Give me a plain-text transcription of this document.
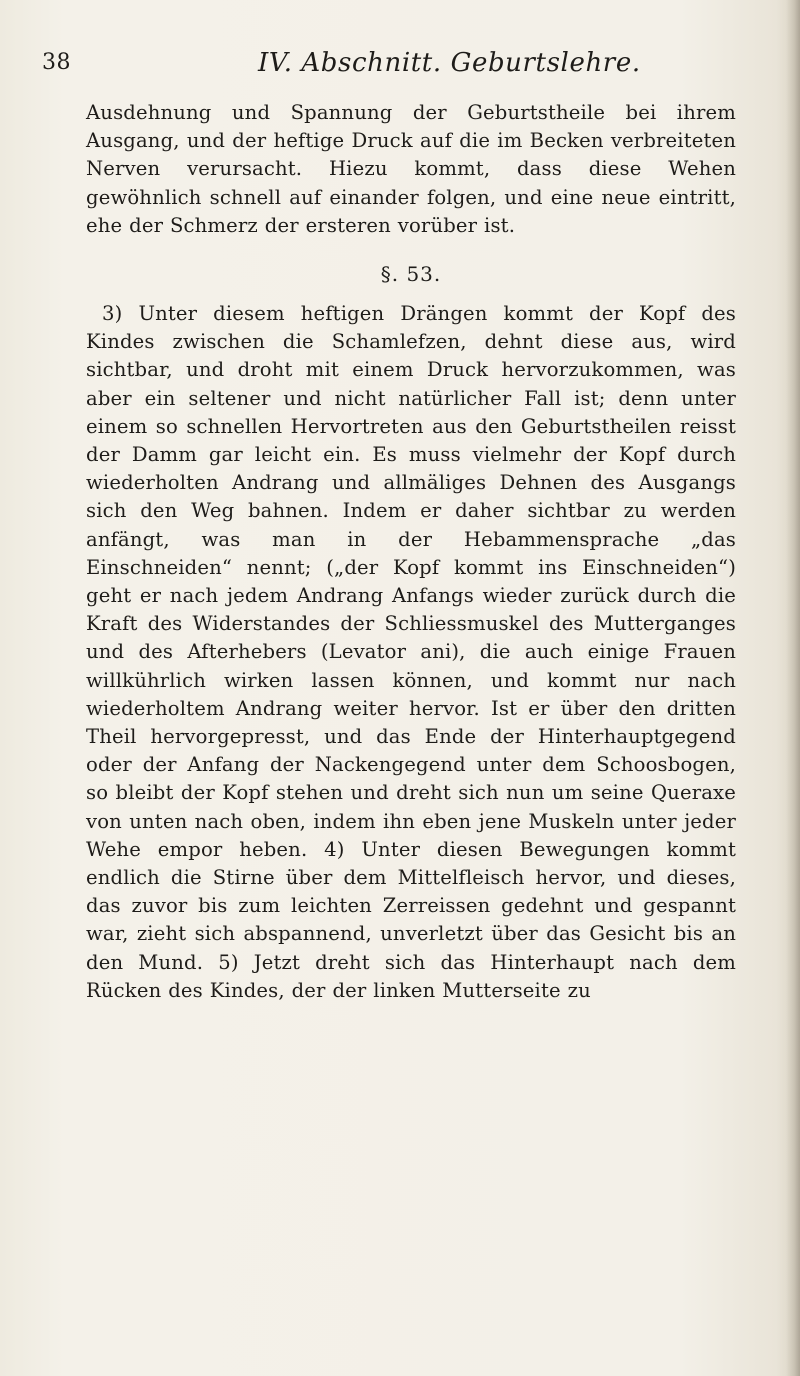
38	IV. Abschnitt. Geburtslehre.

Ausdehnung und Spannung der Geburtstheile bei ihrem Ausgang, und der heftige Druck auf die im Becken verbreiteten Nerven verursacht. Hiezu kommt, dass diese Wehen gewöhnlich schnell auf einander folgen, und eine neue eintritt, ehe der Schmerz der ersteren vorüber ist.

§. 53.

3) Unter diesem heftigen Drängen kommt der Kopf des Kindes zwischen die Schamlefzen, dehnt diese aus, wird sichtbar, und droht mit einem Druck hervorzukommen, was aber ein seltener und nicht natürlicher Fall ist; denn unter einem so schnellen Hervortreten aus den Geburtstheilen reisst der Damm gar leicht ein. Es muss vielmehr der Kopf durch wiederholten Andrang und allmäliges Dehnen des Ausgangs sich den Weg bahnen. Indem er daher sichtbar zu werden anfängt, was man in der Hebammensprache „das Einschneiden“ nennt; („der Kopf kommt ins Einschneiden“) geht er nach jedem Andrang Anfangs wieder zurück durch die Kraft des Widerstandes der Schliessmuskel des Mutterganges und des Afterhebers (Levator ani), die auch einige Frauen willkührlich wirken lassen können, und kommt nur nach wiederholtem Andrang weiter hervor. Ist er über den dritten Theil hervorgepresst, und das Ende der Hinterhauptgegend oder der Anfang der Nackengegend unter dem Schoosbogen, so bleibt der Kopf stehen und dreht sich nun um seine Queraxe von unten nach oben, indem ihn eben jene Muskeln unter jeder Wehe empor heben. 4) Unter diesen Bewegungen kommt endlich die Stirne über dem Mittelfleisch hervor, und dieses, das zuvor bis zum leichten Zerreissen gedehnt und gespannt war, zieht sich abspannend, unverletzt über das Gesicht bis an den Mund. 5) Jetzt dreht sich das Hinterhaupt nach dem Rücken des Kindes, der der linken Mutterseite zu
